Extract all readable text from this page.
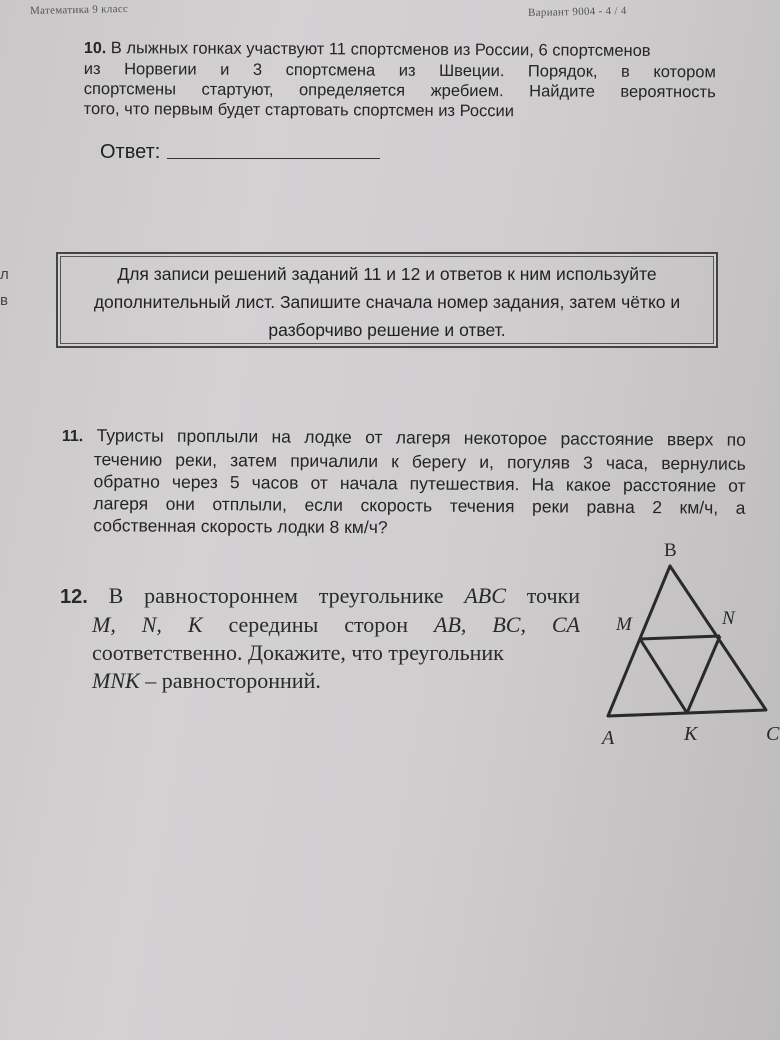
Математика 9 класс	Вариант 9004 - 4 / 4
л
в
10. В лыжных гонках участвуют 11 спортсменов из России, 6 спортсменов
из Норвегии и 3 спортсмена из Швеции. Порядок, в котором
спортсмены стартуют, определяется жребием. Найдите вероятность
того, что первым будет стартовать спортсмен из России
Ответ:
Для записи решений заданий 11 и 12 и ответов к ним используйте
дополнительный лист. Запишите сначала номер задания, затем чётко и
разборчиво решение и ответ.
11. Туристы проплыли на лодке от лагеря некоторое расстояние вверх по
течению реки, затем причалили к берегу и, погуляв 3 часа, вернулись
обратно через 5 часов от начала путешествия. На какое расстояние от
лагеря они отплыли, если скорость течения реки равна 2 км/ч, а
собственная скорость лодки 8 км/ч?
12. В равностороннем треугольнике ABC точки
M, N, K середины сторон AB, BC, CA
соответственно. Докажите, что треугольник
MNK – равносторонний.
B
M	N
A	K	C
